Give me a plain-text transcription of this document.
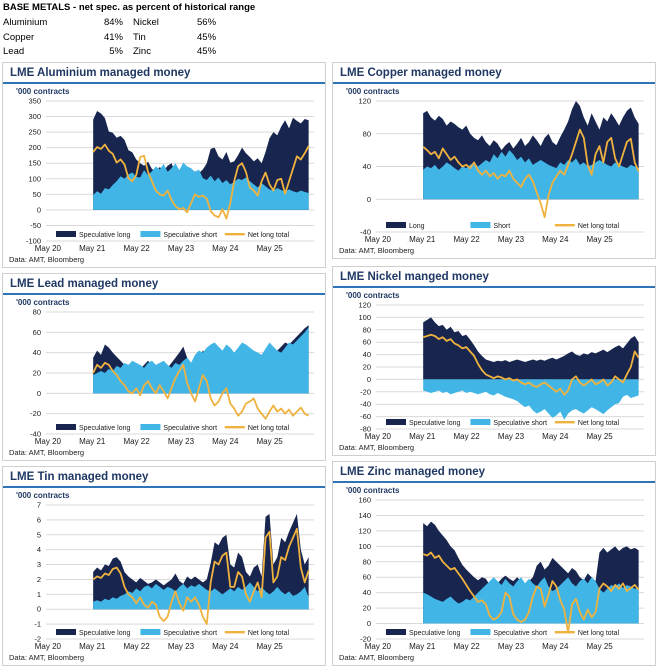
BASE METALS - net spec. as percent of historical range
Aluminium	84%	Nickel	56%
Copper	41%	Tin	45%
Lead	5%	Zinc	45%
LME Aluminium managed money
'000 contracts
350
300
250
200
150
100
50
0
-50
-100
May 20 May 21 May 22 May 23 May 24 May 25
Speculative long	Speculative short	Net long total
Data: AMT, Bloomberg
LME Copper managed money
'000 contracts
120
80
40
0
-40
May 20 May 21 May 22 May 23 May 24 May 25
Long	Short	Net long total
Data: AMT, Bloomberg
LME Lead managed money
'000 contracts
80
60
40
20
0
-20
-40
May 20 May 21 May 22 May 23 May 24 May 25
Speculative long	Speculative short	Net long total
Data: AMT, Bloomberg
LME Nickel manged money
'000 contracts
120
100
80
60
40
20
0
-20
-40
-60
-80
May 20 May 21 May 22 May 23 May 24 May 25
Speculative long	Speculative short	Net long total
Data: AMT, Bloomberg
LME Tin managed money
'000 contracts
7
6
5
4
3
2
1
0
-1
-2
May 20 May 21 May 22 May 23 May 24 May 25
Speculative long	Speculative short	Net long total
Data: AMT, Bloomberg
LME Zinc managed money
'000 contracts
160
140
120
100
80
60
40
20
0
-20
May 20 May 21 May 22 May 23 May 24 May 25
Speculative long	Speculative short	Net long total
Data: AMT, Bloomberg
